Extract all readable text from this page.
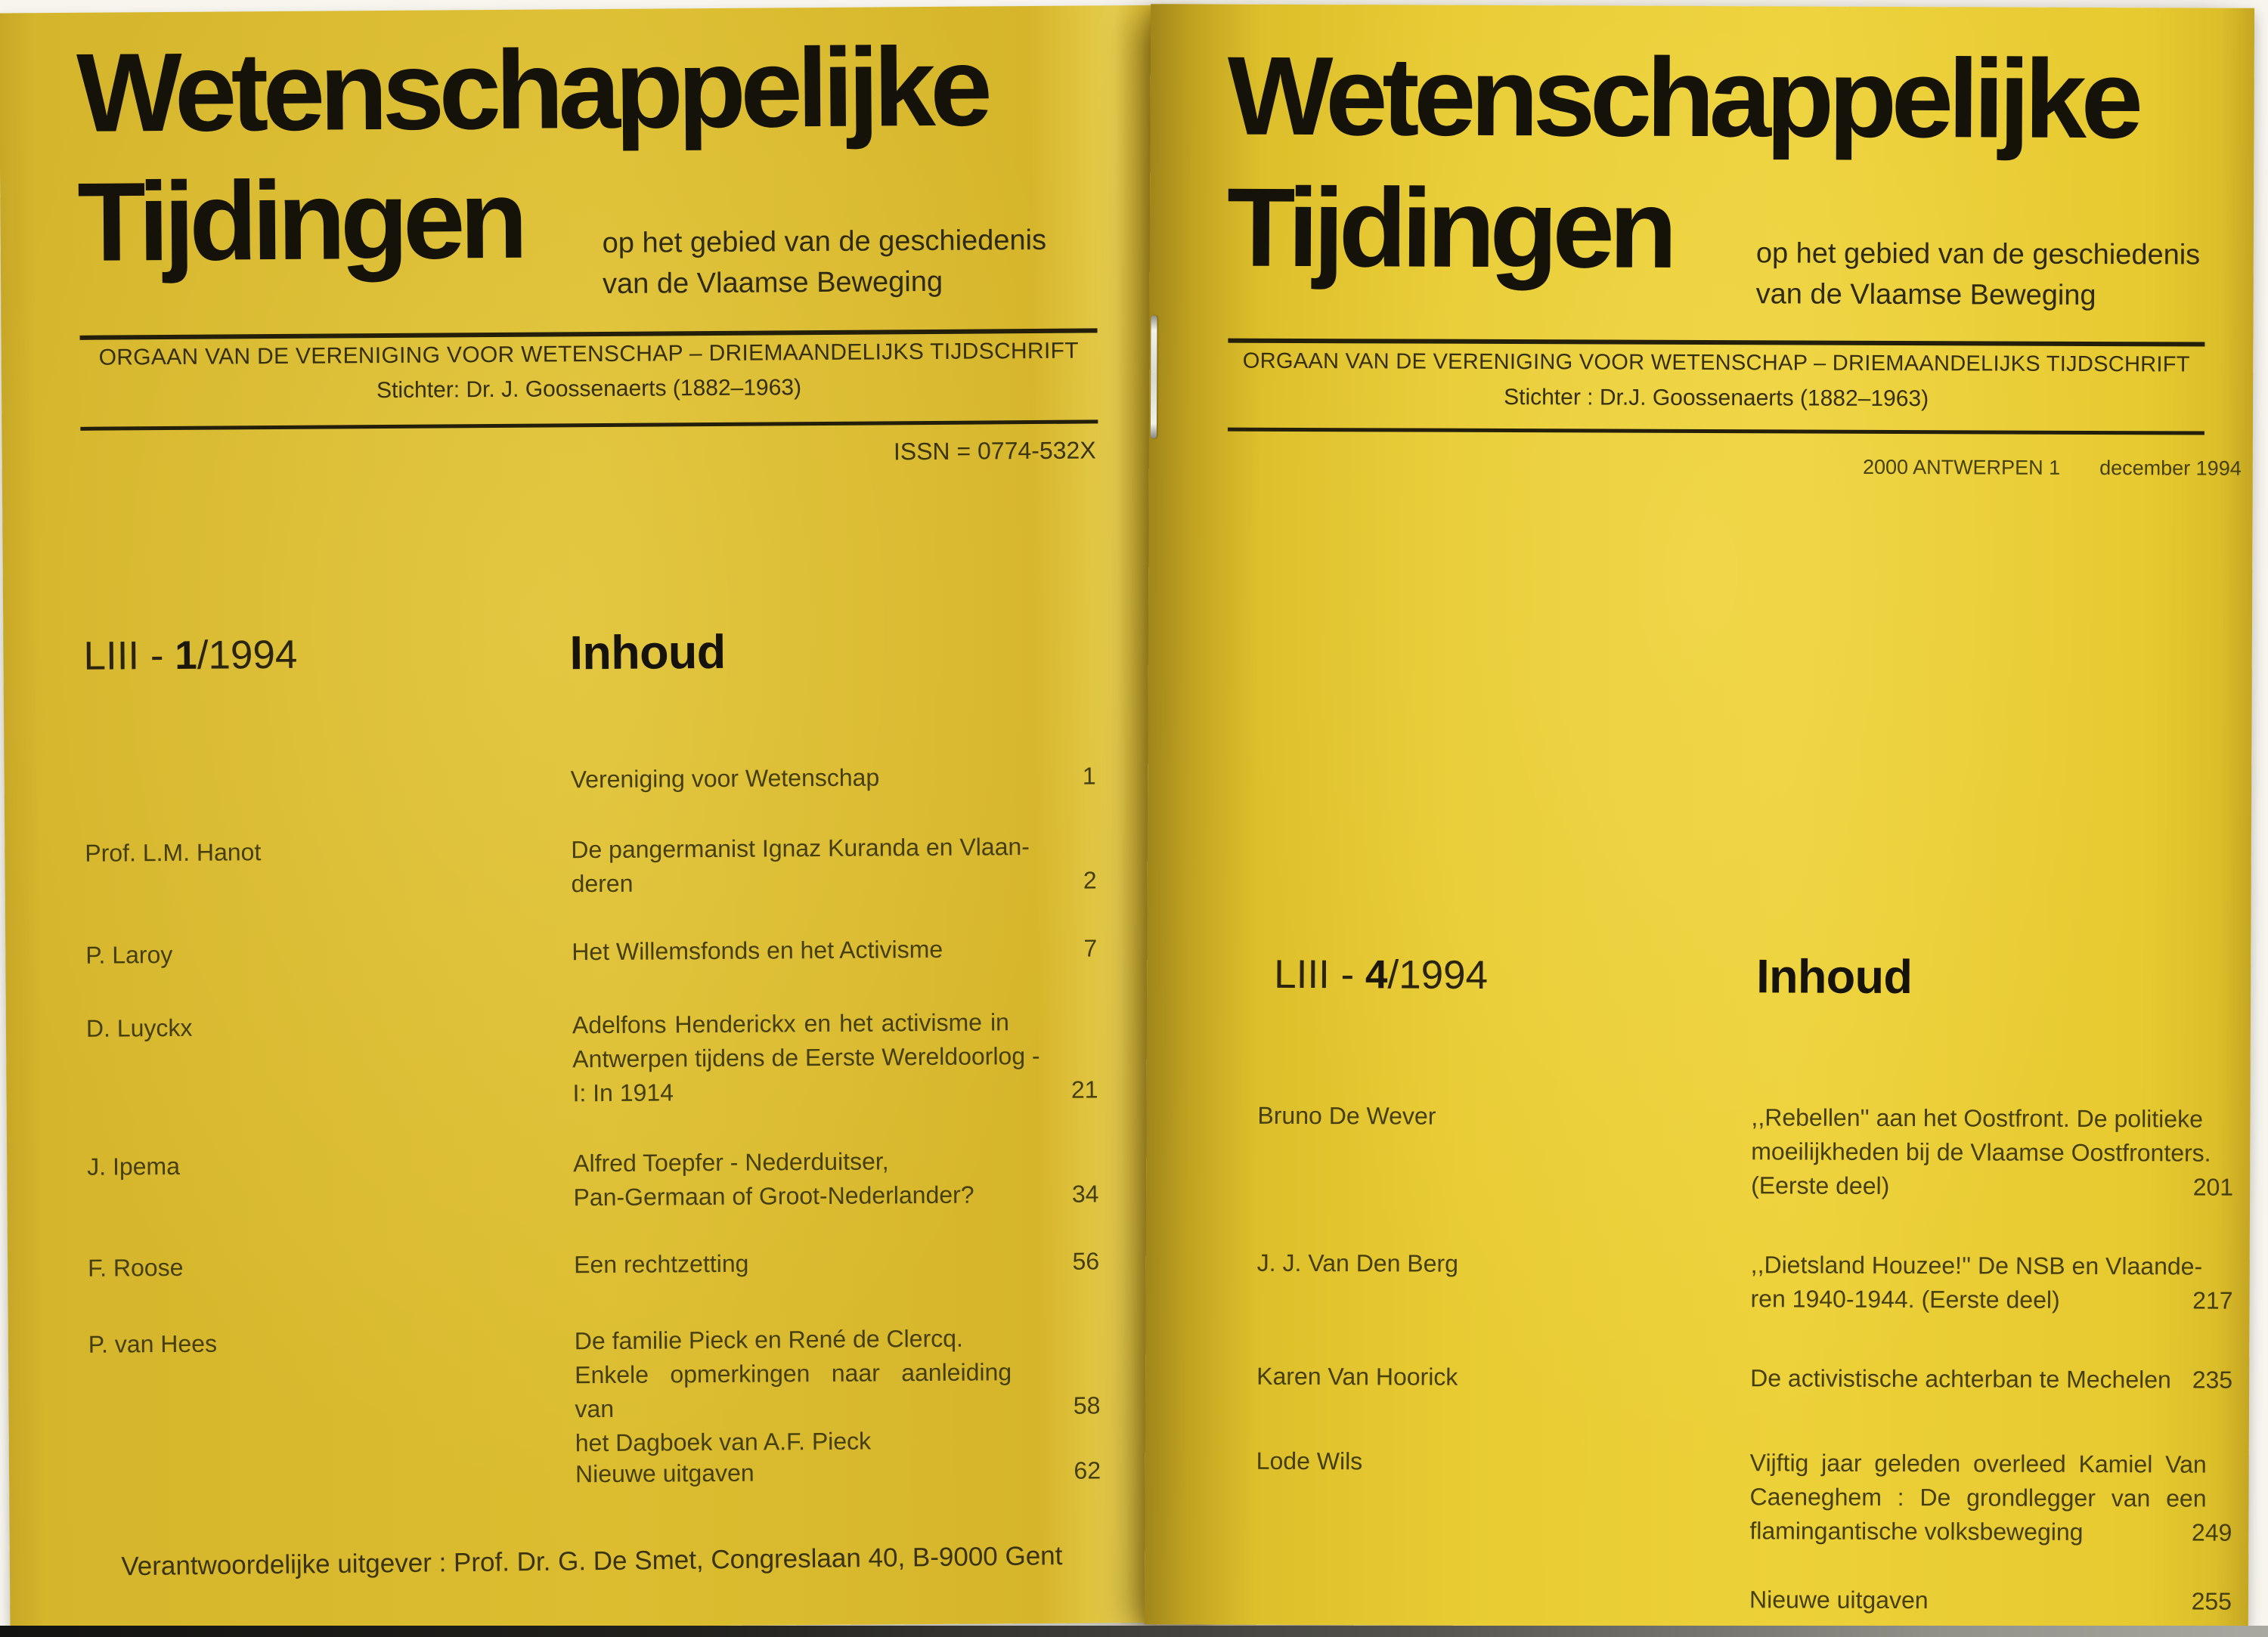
Wetenschappelijke
Tijdingen	op het gebied van de geschiedenis
van de Vlaamse Beweging
ORGAAN VAN DE VERENIGING VOOR WETENSCHAP – DRIEMAANDELIJKS TIJDSCHRIFT
Stichter: Dr. J. Goossenaerts (1882–1963)
ISSN = 0774-532X
LIII - 1/1994	Inhoud
Vereniging voor Wetenschap	1
Prof. L.M. Hanot	De pangermanist Ignaz Kuranda en Vlaan-
deren	2
P. Laroy	Het Willemsfonds en het Activisme	7
D. Luyckx	Adelfons Henderickx en het activisme in
Antwerpen tijdens de Eerste Wereldoorlog -
I: In 1914	21
J. Ipema	Alfred Toepfer - Nederduitser,
Pan-Germaan of Groot-Nederlander?	34
F. Roose	Een rechtzetting	56
P. van Hees	De familie Pieck en René de Clercq.
Enkele opmerkingen naar aanleiding van
het Dagboek van A.F. Pieck
58
Nieuwe uitgaven	62
Verantwoordelijke uitgever : Prof. Dr. G. De Smet, Congreslaan 40, B-9000 Gent
Wetenschappelijke
Tijdingen	op het gebied van de geschiedenis
van de Vlaamse Beweging
ORGAAN VAN DE VERENIGING VOOR WETENSCHAP – DRIEMAANDELIJKS TIJDSCHRIFT
Stichter : Dr.J. Goossenaerts (1882–1963)
2000 ANTWERPEN 1 december 1994
LIII - 4/1994	Inhoud
Bruno De Wever	,,Rebellen'' aan het Oostfront. De politieke
moeilijkheden bij de Vlaamse Oostfronters.
(Eerste deel)	201
J. J. Van Den Berg	,,Dietsland Houzee!'' De NSB en Vlaande-
ren 1940-1944. (Eerste deel)	217
Karen Van Hoorick	De activistische achterban te Mechelen 235
Lode Wils	Vijftig jaar geleden overleed Kamiel Van
Caeneghem : De grondlegger van een
flamingantische volksbeweging	249
Nieuwe uitgaven	255
